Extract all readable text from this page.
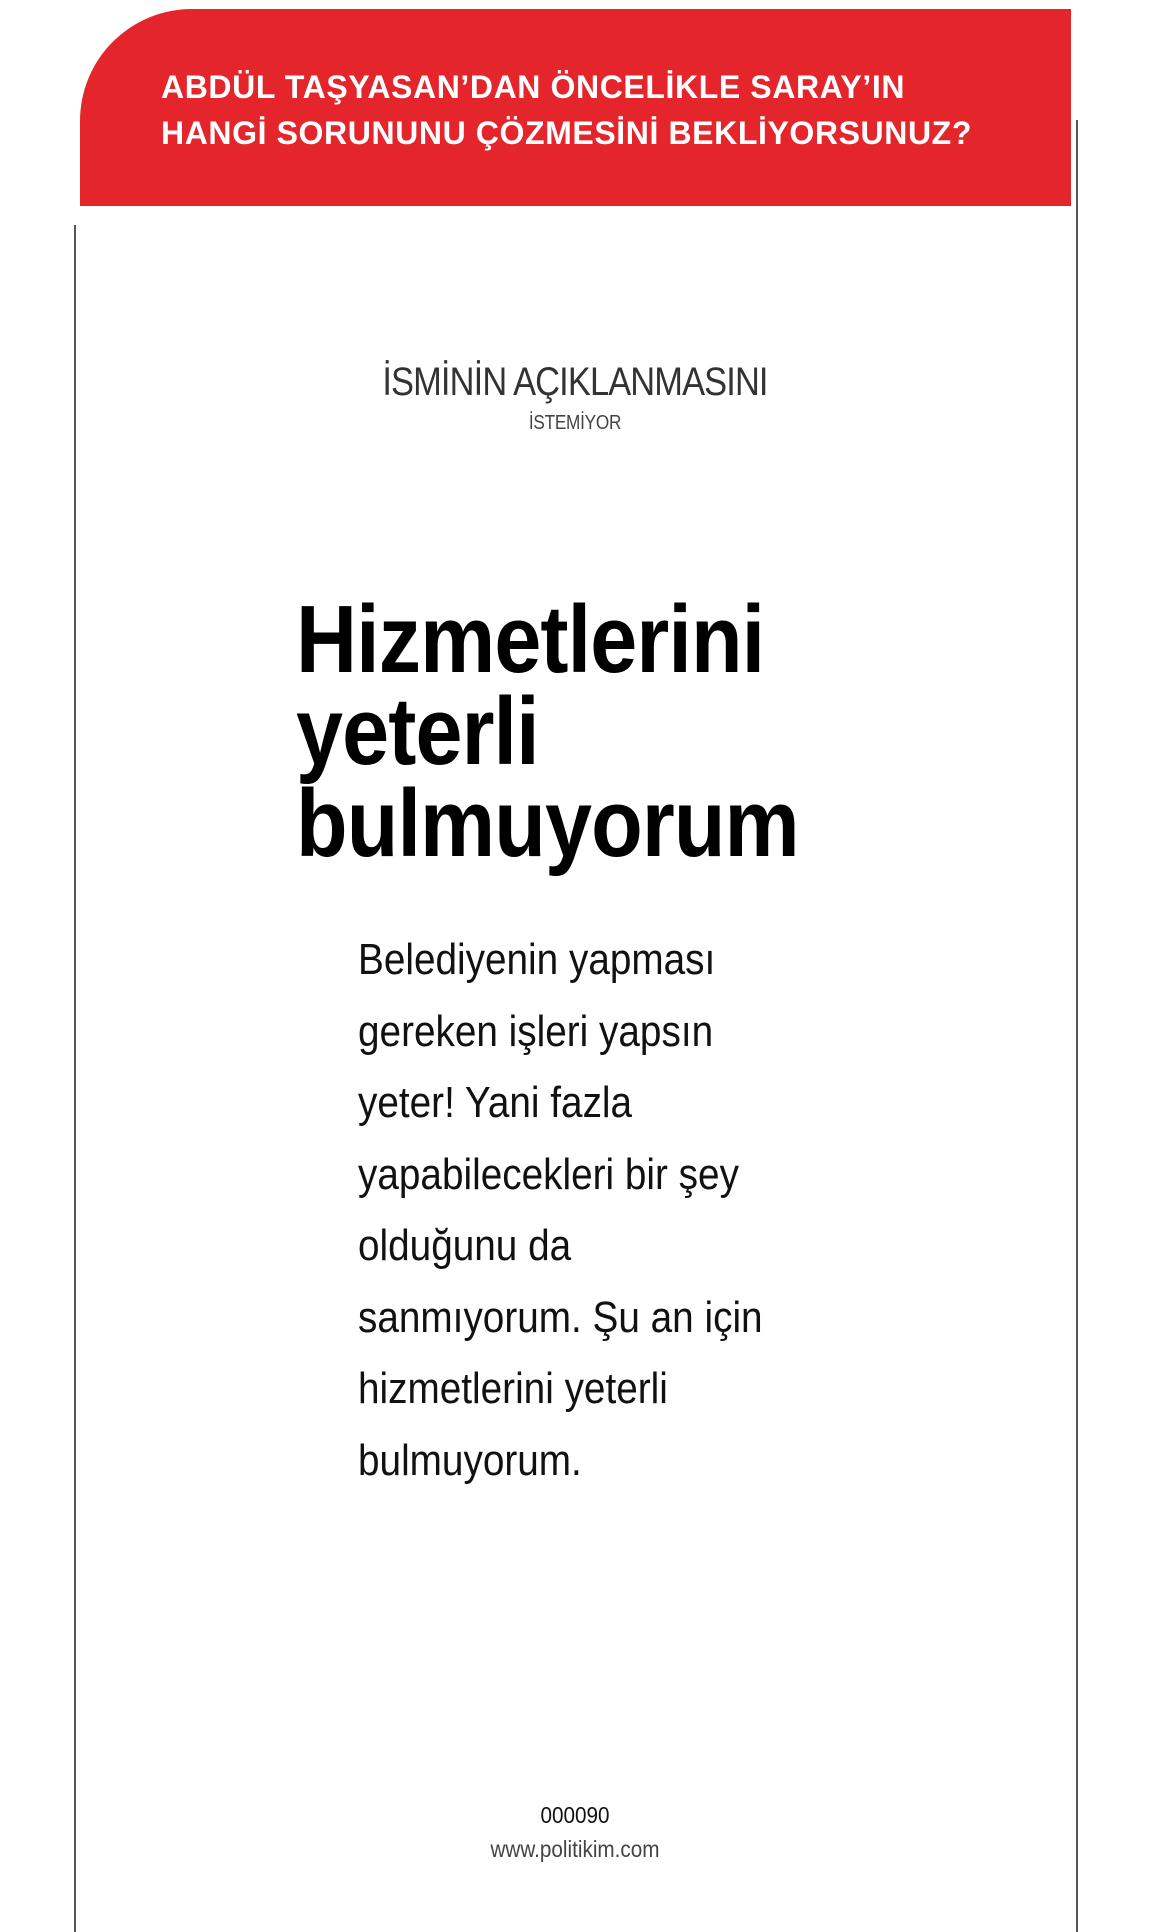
ABDÜL TAŞYASAN’DAN ÖNCELİKLE SARAY’IN
HANGİ SORUNUNU ÇÖZMESİNİ BEKLİYORSUNUZ?
İSMİNİN AÇIKLANMASINI
İSTEMİYOR
Hizmetlerini
yeterli
bulmuyorum

Belediyenin yapması
gereken işleri yapsın
yeter! Yani fazla
yapabilecekleri bir şey
olduğunu da
sanmıyorum. Şu an için
hizmetlerini yeterli
bulmuyorum.

000090
www.politikim.com
